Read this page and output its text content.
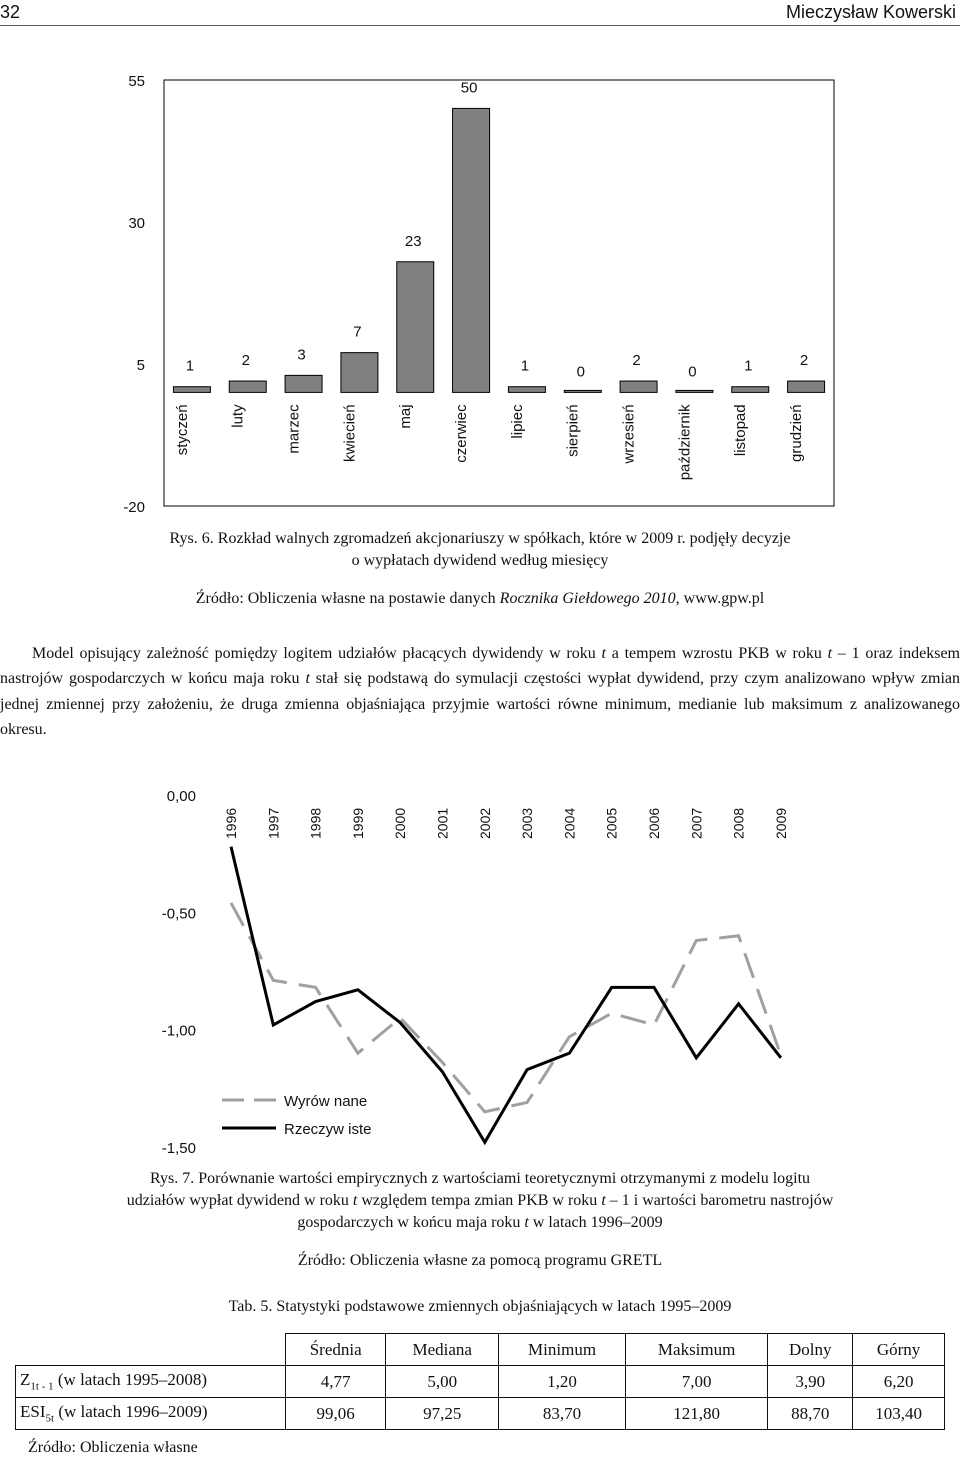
32	Mieczysław Kowerski
55
30
5
-20
1
styczeń
2
luty
3
marzec
7
kwiecień
23
maj
50
czerwiec
1
lipiec
0
sierpień
2
wrzesień
0
październik
1
listopad
2
grudzień
Rys. 6. Rozkład walnych zgromadzeń akcjonariuszy w spółkach, które w 2009 r. podjęły decyzje
o wypłatach dywidend według miesięcy
Źródło: Obliczenia własne na postawie danych Rocznika Giełdowego 2010, www.gpw.pl
Model opisujący zależność pomiędzy logitem udziałów płacących dywidendy w roku t a tempem wzrostu PKB w roku t – 1 oraz indeksem nastrojów gospodarczych w końcu maja roku t stał się podstawą do symulacji częstości wypłat dywidend, przy czym analizowano wpływ zmian jednej zmiennej przy założeniu, że druga zmienna objaśniająca przyjmie wartości równe minimum, medianie lub maksimum z analizowanego okresu.
0,00
-0,50
-1,00
-1,50
1996 1997 1998 1999 2000 2001 2002 2003 2004 2005 2006 2007 2008 2009
Wyrów nane
Rzeczyw iste
Rys. 7. Porównanie wartości empirycznych z wartościami teoretycznymi otrzymanymi z modelu logitu
udziałów wypłat dywidend w roku t względem tempa zmian PKB w roku t – 1 i wartości barometru nastrojów
gospodarczych w końcu maja roku t w latach 1996–2009
Źródło: Obliczenia własne za pomocą programu GRETL
Tab. 5. Statystyki podstawowe zmiennych objaśniających w latach 1995–2009
	Średnia	Mediana	Minimum	Maksimum	Dolny	Górny
$Z_{1t - 1}$ (w latach 1995–2008)	4,77	5,00	1,20	7,00	3,90	6,20
$ESI_{5t}$ (w latach 1996–2009)	99,06	97,25	83,70	121,80	88,70	103,40
Źródło: Obliczenia własne
